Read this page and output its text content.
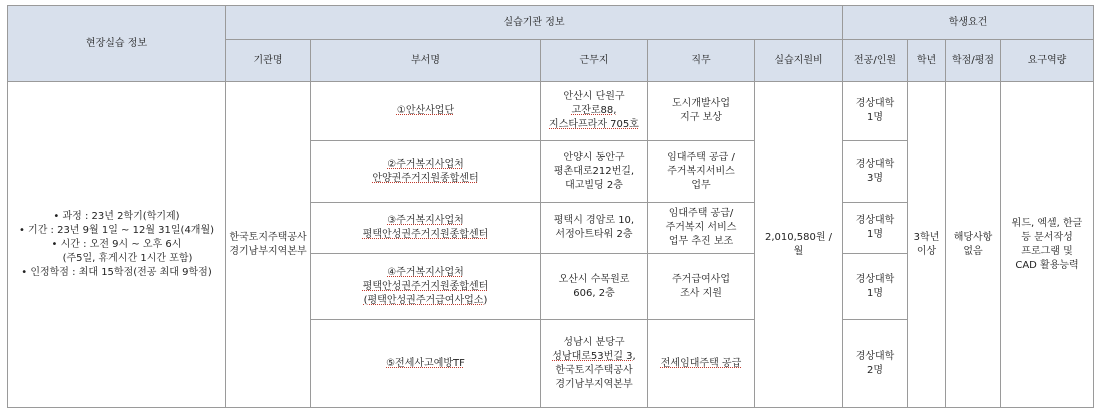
현장실습 정보	실습기관 정보					학생요건			
	기관명	부서명	근무지	직무	실습지원비	전공/인원	학년	학점/평점	요구역량

• 과정 : 23년 2학기(학기제)
• 기간 : 23년 9월 1일 ~ 12월 31일(4개월)
• 시간 : 오전 9시 ~ 오후 6시
(주5일, 휴게시간 1시간 포함)
• 인정학점 : 최대 15학점(전공 최대 9학점)	한국토지주택공사
경기남부지역본부	①안산사업단	안산시 단원구
고잔로88,
지스타프라자 705호	도시개발사업
지구 보상	2,010,580원 /
월	경상대학
1명	3학년
이상	해당사항
없음	워드, 엑셀, 한글
등 문서작성
프로그램 및
CAD 활용능력

		②주거복지사업처
안양권주거지원종합센터	안양시 동안구
평촌대로212번길,
대고빌딩 2층	임대주택 공급 /
주거복지서비스
업무		경상대학
3명			

		③주거복지사업처
평택안성권주거지원종합센터	평택시 경암로 10,
서정아트타워 2층	임대주택 공급/
주거복지 서비스
업무 추진 보조		경상대학
1명			

		④주거복지사업처
평택안성권주거지원종합센터
(평택안성권주거급여사업소)	오산시 수목원로
606, 2층	주거급여사업
조사 지원		경상대학
1명			

		⑤전세사고예방TF	성남시 분당구
성남대로53번길 3,
한국토지주택공사
경기남부지역본부	전세임대주택 공급		경상대학
2명			
